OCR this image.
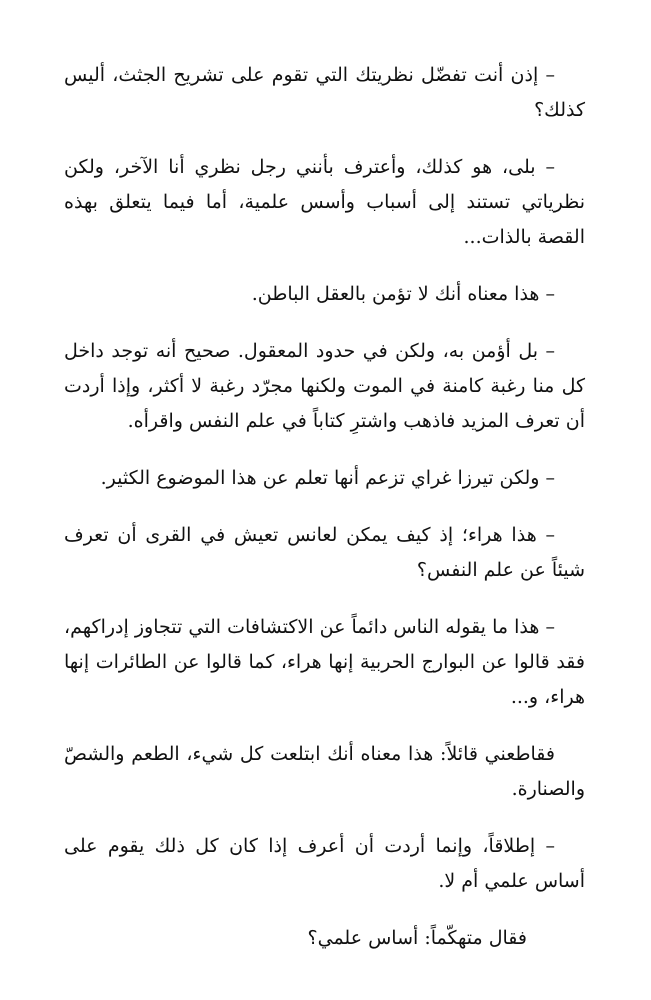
– إذن أنت تفضّل نظريتك التي تقوم على تشريح الجثث، أليس كذلك؟

– بلى، هو كذلك، وأعترف بأنني رجل نظري أنا الآخر، ولكن نظرياتي تستند إلى أسباب وأسس علمية، أما فيما يتعلق بهذه القصة بالذات...

– هذا معناه أنك لا تؤمن بالعقل الباطن.

– بل أؤمن به، ولكن في حدود المعقول. صحيح أنه توجد داخل كل منا رغبة كامنة في الموت ولكنها مجرّد رغبة لا أكثر، وإذا أردت أن تعرف المزيد فاذهب واشترِ كتاباً في علم النفس واقرأه.

– ولكن تيرزا غراي تزعم أنها تعلم عن هذا الموضوع الكثير.

– هذا هراء؛ إذ كيف يمكن لعانس تعيش في القرى أن تعرف شيئاً عن علم النفس؟

– هذا ما يقوله الناس دائماً عن الاكتشافات التي تتجاوز إدراكهم، فقد قالوا عن البوارج الحربية إنها هراء، كما قالوا عن الطائرات إنها هراء، و...

فقاطعني قائلاً: هذا معناه أنك ابتلعت كل شيء، الطعم والشصّ والصنارة.

– إطلاقاً، وإنما أردت أن أعرف إذا كان كل ذلك يقوم على أساس علمي أم لا.

فقال متهكّماً: أساس علمي؟
